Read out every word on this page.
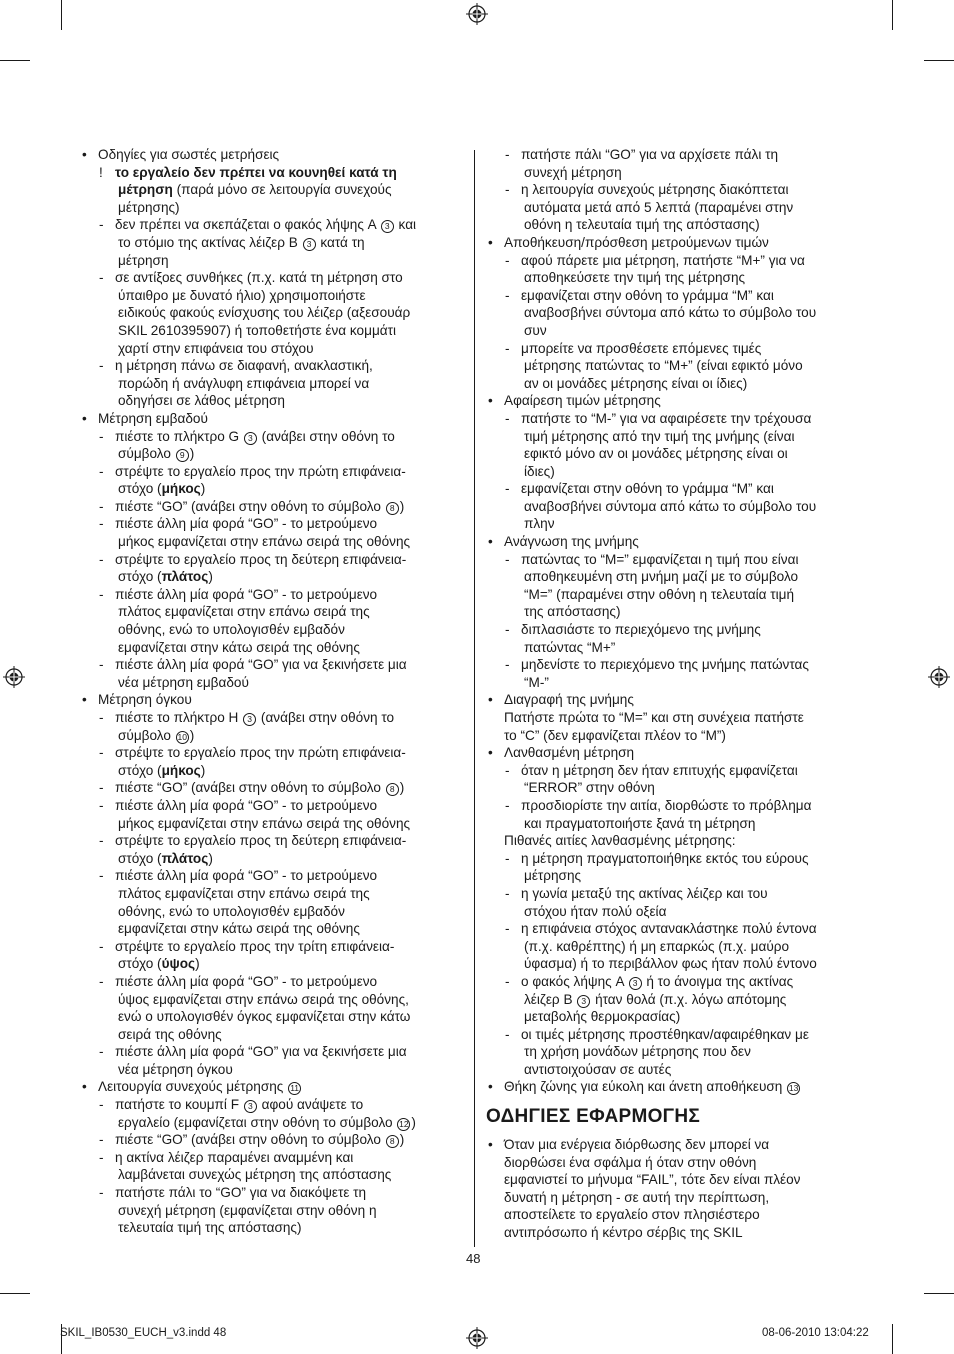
• Οδηγίες για σωστές μετρήσεις
! το εργαλείο δεν πρέπει να κουνηθεί κατά τη
μέτρηση (παρά μόνο σε λειτουργία συνεχούς
μέτρησης)
- δεν πρέπει να σκεπάζεται ο φακός λήψης A 3 και
το στόμιο της ακτίνας λέιζερ B 3 κατά τη
μέτρηση
- σε αντίξοες συνθήκες (π.χ. κατά τη μέτρηση στο
ύπαιθρο με δυνατό ήλιο) χρησιμοποιήστε
ειδικούς φακούς ενίσχυσης του λέιζερ (αξεσουάρ
SKIL 2610395907) ή τοποθετήστε ένα κομμάτι
χαρτί στην επιφάνεια του στόχου
- η μέτρηση πάνω σε διαφανή, ανακλαστική,
πορώδη ή ανάγλυφη επιφάνεια μπορεί να
οδηγήσει σε λάθος μέτρηση
• Μέτρηση εμβαδού
- πιέστε το πλήκτρο G 3 (ανάβει στην οθόνη το
σύμβολο 9 )
- στρέψτε το εργαλείο προς την πρώτη επιφάνεια-
στόχο (μήκος)
- πιέστε “GO” (ανάβει στην οθόνη το σύμβολο 8 )
- πιέστε άλλη μία φορά “GO” - το μετρούμενο
μήκος εμφανίζεται στην επάνω σειρά της οθόνης
- στρέψτε το εργαλείο προς τη δεύτερη επιφάνεια-
στόχο (πλάτος)
- πιέστε άλλη μία φορά “GO” - το μετρούμενο
πλάτος εμφανίζεται στην επάνω σειρά της
οθόνης, ενώ το υπολογισθέν εμβαδόν
εμφανίζεται στην κάτω σειρά της οθόνης
- πιέστε άλλη μία φορά “GO” για να ξεκινήσετε μια
νέα μέτρηση εμβαδού
• Μέτρηση όγκου
- πιέστε το πλήκτρο H 3 (ανάβει στην οθόνη το
σύμβολο 10 )
- στρέψτε το εργαλείο προς την πρώτη επιφάνεια-
στόχο (μήκος)
- πιέστε “GO” (ανάβει στην οθόνη το σύμβολο 8 )
- πιέστε άλλη μία φορά “GO” - το μετρούμενο
μήκος εμφανίζεται στην επάνω σειρά της οθόνης
- στρέψτε το εργαλείο προς τη δεύτερη επιφάνεια-
στόχο (πλάτος)
- πιέστε άλλη μία φορά “GO” - το μετρούμενο
πλάτος εμφανίζεται στην επάνω σειρά της
οθόνης, ενώ το υπολογισθέν εμβαδόν
εμφανίζεται στην κάτω σειρά της οθόνης
- στρέψτε το εργαλείο προς την τρίτη επιφάνεια-
στόχο (ύψος)
- πιέστε άλλη μία φορά “GO” - το μετρούμενο
ύψος εμφανίζεται στην επάνω σειρά της οθόνης,
ενώ ο υπολογισθέν όγκος εμφανίζεται στην κάτω
σειρά της οθόνης
- πιέστε άλλη μία φορά “GO” για να ξεκινήσετε μια
νέα μέτρηση όγκου
• Λειτουργία συνεχούς μέτρησης 11
- πατήστε το κουμπί F 3 αφού ανάψετε το
εργαλείο (εμφανίζεται στην οθόνη το σύμβολο 12 )
- πιέστε “GO” (ανάβει στην οθόνη το σύμβολο 8 )
- η ακτίνα λέιζερ παραμένει αναμμένη και
λαμβάνεται συνεχώς μέτρηση της απόστασης
- πατήστε πάλι το “GO” για να διακόψετε τη
συνεχή μέτρηση (εμφανίζεται στην οθόνη η
τελευταία τιμή της απόστασης)
- πατήστε πάλι “GO” για να αρχίσετε πάλι τη
συνεχή μέτρηση
- η λειτουργία συνεχούς μέτρησης διακόπτεται
αυτόματα μετά από 5 λεπτά (παραμένει στην
οθόνη η τελευταία τιμή της απόστασης)
• Αποθήκευση/πρόσθεση μετρούμενων τιμών
- αφού πάρετε μια μέτρηση, πατήστε “M+” για να
αποθηκεύσετε την τιμή της μέτρησης
- εμφανίζεται στην οθόνη το γράμμα “M” και
αναβοσβήνει σύντομα από κάτω το σύμβολο του
συν
- μπορείτε να προσθέσετε επόμενες τιμές
μέτρησης πατώντας το “M+” (είναι εφικτό μόνο
αν οι μονάδες μέτρησης είναι οι ίδιες)
• Αφαίρεση τιμών μέτρησης
- πατήστε το “M-” για να αφαιρέσετε την τρέχουσα
τιμή μέτρησης από την τιμή της μνήμης (είναι
εφικτό μόνο αν οι μονάδες μέτρησης είναι οι
ίδιες)
- εμφανίζεται στην οθόνη το γράμμα “M” και
αναβοσβήνει σύντομα από κάτω το σύμβολο του
πλην
• Ανάγνωση της μνήμης
- πατώντας το “M=” εμφανίζεται η τιμή που είναι
αποθηκευμένη στη μνήμη μαζί με το σύμβολο
“M=” (παραμένει στην οθόνη η τελευταία τιμή
της απόστασης)
- διπλασιάστε το περιεχόμενο της μνήμης
πατώντας “M+”
- μηδενίστε το περιεχόμενο της μνήμης πατώντας
“M-”
• Διαγραφή της μνήμης
Πατήστε πρώτα το “M=” και στη συνέχεια πατήστε
το “C” (δεν εμφανίζεται πλέον το “M”)
• Λανθασμένη μέτρηση
- όταν η μέτρηση δεν ήταν επιτυχής εμφανίζεται
“ERROR” στην οθόνη
- προσδιορίστε την αιτία, διορθώστε το πρόβλημα
και πραγματοποιήστε ξανά τη μέτρηση
Πιθανές αιτίες λανθασμένης μέτρησης:
- η μέτρηση πραγματοποιήθηκε εκτός του εύρους
μέτρησης
- η γωνία μεταξύ της ακτίνας λέιζερ και του
στόχου ήταν πολύ οξεία
- η επιφάνεια στόχος αντανακλάστηκε πολύ έντονα
(π.χ. καθρέπτης) ή μη επαρκώς (π.χ. μαύρο
ύφασμα) ή το περιβάλλον φως ήταν πολύ έντονο
- ο φακός λήψης A 3 ή το άνοιγμα της ακτίνας
λέιζερ B 3 ήταν θολά (π.χ. λόγω απότομης
μεταβολής θερμοκρασίας)
- οι τιμές μέτρησης προστέθηκαν/αφαιρέθηκαν με
τη χρήση μονάδων μέτρησης που δεν
αντιστοιχούσαν σε αυτές
• Θήκη ζώνης για εύκολη και άνετη αποθήκευση 13
ΟΔΗΓΙΕΣ ΕΦΑΡΜΟΓΗΣ
• Όταν μια ενέργεια διόρθωσης δεν μπορεί να
διορθώσει ένα σφάλμα ή όταν στην οθόνη
εμφανιστεί το μήνυμα “FAIL”, τότε δεν είναι πλέον
δυνατή η μέτρηση - σε αυτή την περίπτωση,
αποστείλετε το εργαλείο στον πλησιέστερο
αντιπρόσωπο ή κέντρο σέρβις της SKIL
48
SKIL_IB0530_EUCH_v3.indd 48	08-06-2010 13:04:22
